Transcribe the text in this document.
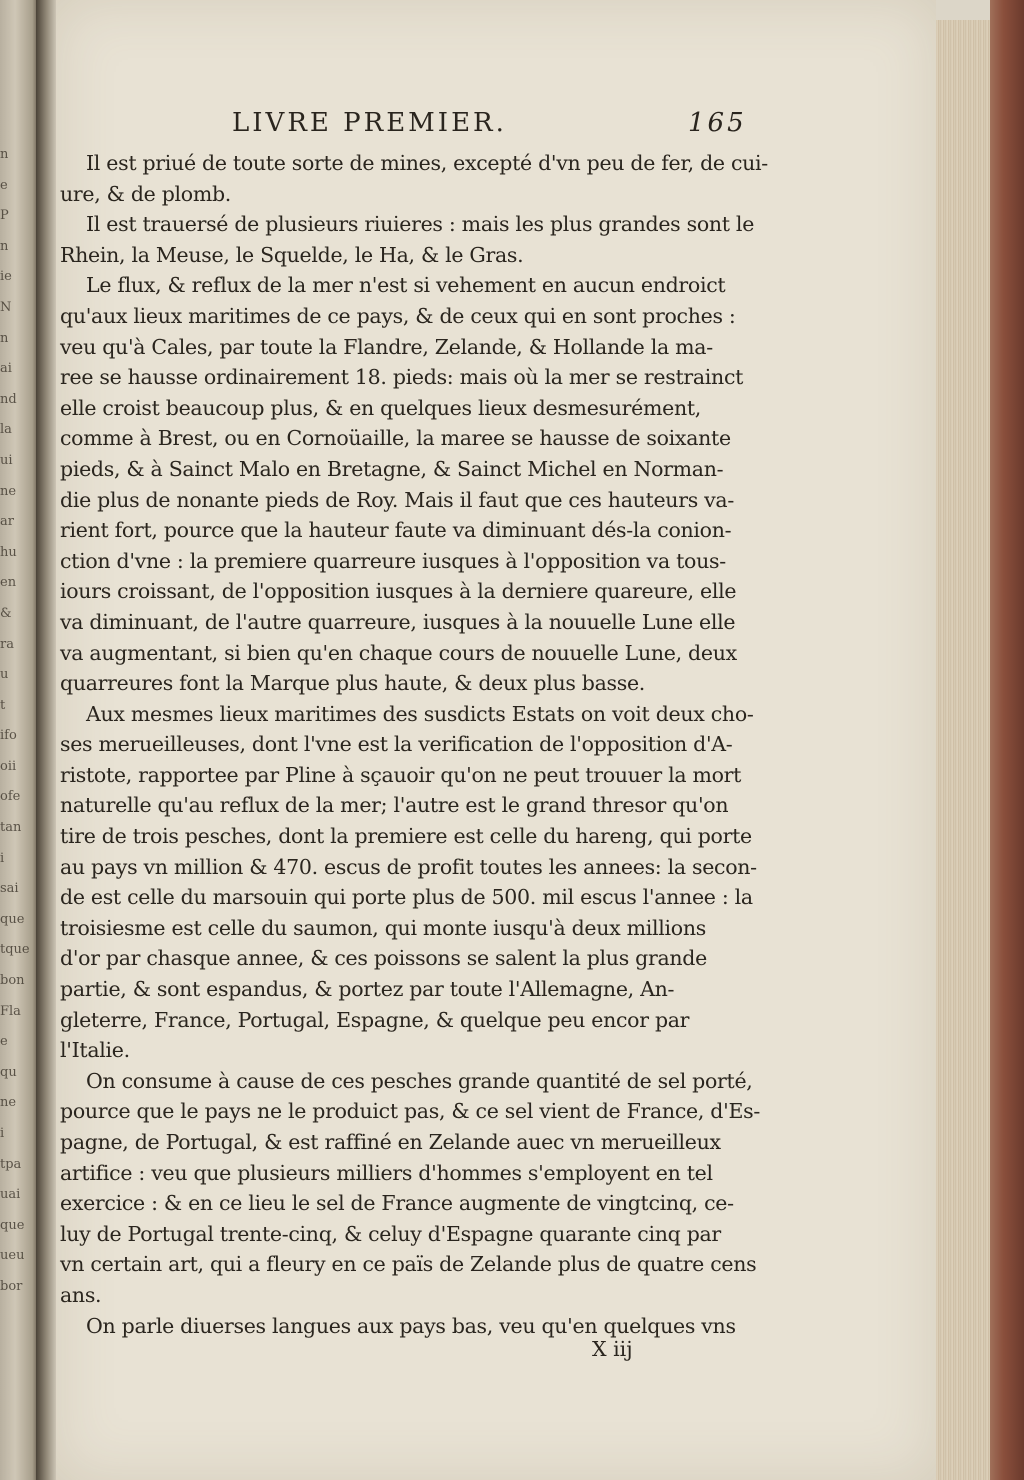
n
e
P
n
ie
N
n
ai
nd
la
ui
ne
ar
hu
en
&
ra
u
t
ifo
oii
ofe
tan
i
sai
que
tque
bon
Fla
e
qu
ne
i
tpa
uai
que
ueu
bor
LIVRE PREMIER.	165
Il est priué de toute sorte de mines, excepté d'vn peu de fer, de cui-
ure, & de plomb.
Il est trauersé de plusieurs riuieres : mais les plus grandes sont le
Rhein, la Meuse, le Squelde, le Ha, & le Gras.
Le flux, & reflux de la mer n'est si vehement en aucun endroict
qu'aux lieux maritimes de ce pays, & de ceux qui en sont proches :
veu qu'à Cales, par toute la Flandre, Zelande, & Hollande la ma-
ree se hausse ordinairement 18. pieds: mais où la mer se restrainct
elle croist beaucoup plus, & en quelques lieux desmesurément,
comme à Brest, ou en Cornoüaille, la maree se hausse de soixante
pieds, & à Sainct Malo en Bretagne, & Sainct Michel en Norman-
die plus de nonante pieds de Roy. Mais il faut que ces hauteurs va-
rient fort, pource que la hauteur faute va diminuant dés-la conion-
ction d'vne : la premiere quarreure iusques à l'opposition va tous-
iours croissant, de l'opposition iusques à la derniere quareure, elle
va diminuant, de l'autre quarreure, iusques à la nouuelle Lune elle
va augmentant, si bien qu'en chaque cours de nouuelle Lune, deux
quarreures font la Marque plus haute, & deux plus basse.
Aux mesmes lieux maritimes des susdicts Estats on voit deux cho-
ses merueilleuses, dont l'vne est la verification de l'opposition d'A-
ristote, rapportee par Pline à sçauoir qu'on ne peut trouuer la mort
naturelle qu'au reflux de la mer; l'autre est le grand thresor qu'on
tire de trois pesches, dont la premiere est celle du hareng, qui porte
au pays vn million & 470. escus de profit toutes les annees: la secon-
de est celle du marsouin qui porte plus de 500. mil escus l'annee : la
troisiesme est celle du saumon, qui monte iusqu'à deux millions
d'or par chasque annee, & ces poissons se salent la plus grande
partie, & sont espandus, & portez par toute l'Allemagne, An-
gleterre, France, Portugal, Espagne, & quelque peu encor par
l'Italie.
On consume à cause de ces pesches grande quantité de sel porté,
pource que le pays ne le produict pas, & ce sel vient de France, d'Es-
pagne, de Portugal, & est raffiné en Zelande auec vn merueilleux
artifice : veu que plusieurs milliers d'hommes s'employent en tel
exercice : & en ce lieu le sel de France augmente de vingtcinq, ce-
luy de Portugal trente-cinq, & celuy d'Espagne quarante cinq par
vn certain art, qui a fleury en ce païs de Zelande plus de quatre cens
ans.
On parle diuerses langues aux pays bas, veu qu'en quelques vns
X iij
